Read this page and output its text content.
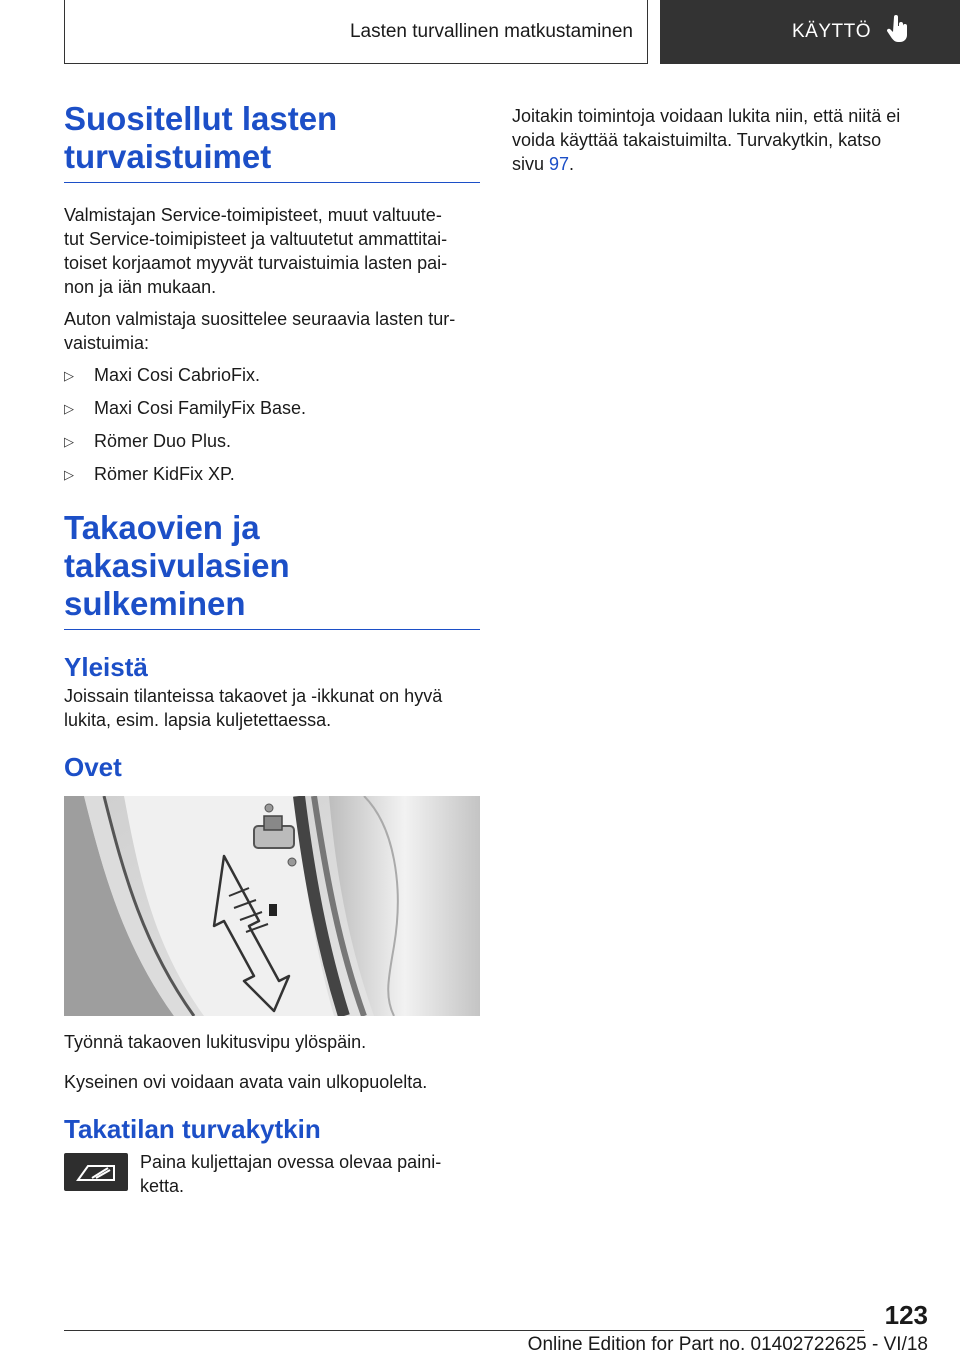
Lasten turvallinen matkustaminen	KÄYTTÖ
Suositellut lasten
turvaistuimet

Valmistajan Service-toimipisteet, muut valtuute-
tut Service-toimipisteet ja valtuutetut ammattitai-
toiset korjaamot myyvät turvaistuimia lasten pai-
non ja iän mukaan.

Auton valmistaja suosittelee seuraavia lasten tur-
vaistuimia:

▷	Maxi Cosi CabrioFix.
▷	Maxi Cosi FamilyFix Base.
▷	Römer Duo Plus.
▷	Römer KidFix XP.
Takaovien ja takasivulasien
sulkeminen
Yleistä

Joissain tilanteissa takaovet ja -ikkunat on hyvä
lukita, esim. lapsia kuljetettaessa.

Ovet

Työnnä takaoven lukitusvipu ylöspäin.

Kyseinen ovi voidaan avata vain ulkopuolelta.

Takatilan turvakytkin

Paina kuljettajan ovessa olevaa paini-
ketta.

Joitakin toimintoja voidaan lukita niin, että niitä ei
voida käyttää takaistuimilta. Turvakytkin, katso
sivu 97.

123
Online Edition for Part no. 01402722625 - VI/18
